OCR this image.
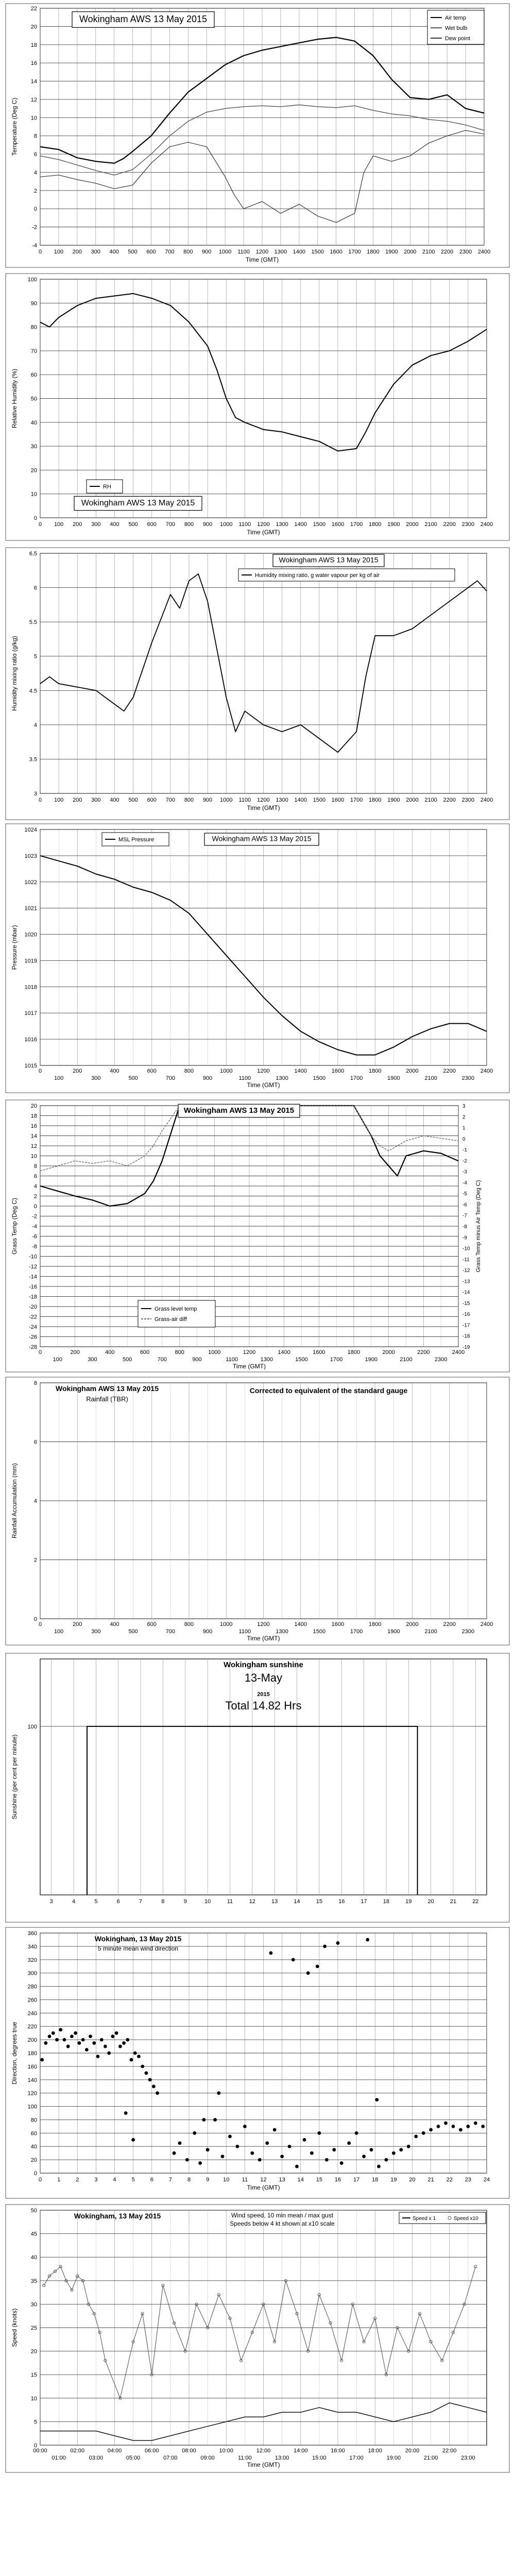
0 100 200 300 400 500 600 700 800 900 1000 1100 1200 1300 1400 1500 1600 1700 1800 1900 2000 2100 2200 2300 2400
-4
-2
0
2
4
6
8
10
12
14
16
18
20
22
Time (GMT)
Temperature (Deg C)
Wokingham AWS 13 May 2015	Air temp
Wet bulb
Dew point
0 100 200 300 400 500 600 700 800 900 1000 1100 1200 1300 1400 1500 1600 1700 1800 1900 2000 2100 2200 2300 2400
0
10
20
30
40
50
60
70
80
90
100
Time (GMT)
Relative Humidity (%)
Wokingham AWS 13 May 2015
RH
0 100 200 300 400 500 600 700 800 900 1000 1100 1200 1300 1400 1500 1600 1700 1800 1900 2000 2100 2200 2300 2400
3
3.5
4
4.5
5
5.5
6
6.5
Time (GMT)
Humidity mixing ratio (g/kg)
Wokingham AWS 13 May 2015
Humidity mixing ratio, g water vapour per kg of air
0	200	400	600	800	1000	1200	1400	1600	1800	2000	2200	2400
100	300	500	700	900	1100	1300	1500	1700	1900	2100	2300
1015
1016
1017
1018
1019
1020
1021
1022
1023
1024
Time (GMT)
Pressure (mbar)
MSL Pressure	Wokingham AWS 13 May 2015
0	200	400	600	800	1000	1200	1400	1600	1800	2000	2200	2400
100	300	500	700	900	1100	1300	1500	1700	1900	2100	2300
20
18
16
14
12
10
8
6
4
2
0
-2
-4
-6
-8
-10
-12
-14
-16
-18
-20
-22
-24
-26
-28
3
2
1
0
-1
-2
-3
-4
-5
-6
-7
-8
-9
-10
-11
-12
-13
-14
-15
-16
-17
-18
-19
Grass Temp minus Air Temp (Deg C)
Time (GMT)
Grass Temp (Deg C)
Wokingham AWS 13 May 2015
Grass level temp
Grass-air diff
0	200	400	600	800	1000	1200	1400	1600	1800	2000	2200	2400
100	300	500	700	900	1100	1300	1500	1700	1900	2100	2300
0
2
4
6
8
Time (GMT)
Rainfall Accumulation (mm)
Wokingham AWS 13 May 2015
Rainfall (TBR)
Corrected to equivalent of the standard gauge
3	4	5	6	7	8	9	10	11	12	13	14	15	16	17	18	19	20	21	22
100
Sunshine (per cent per minute)
Wokingham sunshine
13-May
2015
Total 14.82 Hrs
0	1	2	3	4	5	6	7	8	9 10 11 12 13 14 15 16 17 18 19 20 21 22 23 24
0
20
40
60
80
100
120
140
160
180
200
220
240
260
280
300
320
340
360
Time (GMT)
Direction, degrees true
Wokingham, 13 May 2015
5 minute mean wind direction
00:00	02:00	04:00	06:00	08:00	10:00	12:00	14:00	16:00	18:00	20:00	22:00
01:00	03:00	05:00	07:00	09:00	11:00	13:00	15:00	17:00	19:00	21:00	23:00
0
5
10
15
20
25
30
35
40
45
50
Time (GMT)
Speed (knots)
Wokingham, 13 May 2015	Wind speed, 10 min mean / max gust
Speeds below 4 kt shown at x10 scale
Speed x 1	Speed x10
